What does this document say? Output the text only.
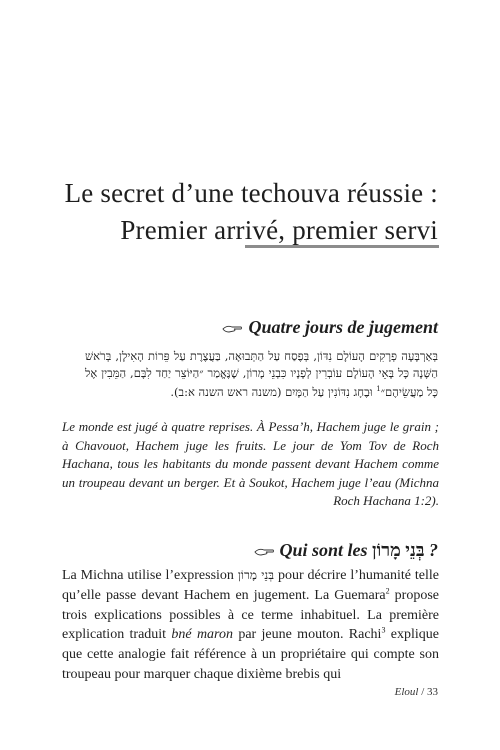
Le secret d’une techouva réussie :
Premier arrivé, premier servi
Quatre jours de jugement
בְּאַרְבָּעָה פְרָקִים הָעוֹלָם נִדּוֹן, בְּפֶסַח עַל הַתְּבוּאָה, בַּעֲצֶרֶת עַל פֵּרוֹת הָאִילָן, בְּרֹאשׁ הַשָּׁנָה כָּל בָּאֵי הָעוֹלָם עוֹבְרִין לְפָנָיו כִּבְנֵי מָרוֹן, שֶׁנֶּאֱמַר ״הַיּוֹצֵר יַחַד לִבָּם, הַמֵּבִין אֶל כָּל מַעֲשֵׂיהֶם״$^1$ וּבֶחָג נִדּוֹנִין עַל הַמָּיִם (משנה ראש השנה א:ב).
Le monde est jugé à quatre reprises. À Pessa’h, Hachem juge le grain ; à Chavouot, Hachem juge les fruits. Le jour de Yom Tov de Roch Hachana, tous les habitants du monde passent devant Hachem comme un troupeau devant un berger. Et à Soukot, Hachem juge l’eau (Michna Roch Hachana 1:2).
Qui sont les בְּנֵי מָרוֹן ?
La Michna utilise l’expression בְּנֵי מָרוֹן pour décrire l’humanité telle qu’elle passe devant Hachem en jugement. La Guemara$^2$ propose trois explications possibles à ce terme inhabituel. La première explication traduit bné maron par jeune mouton. Rachi$^3$ explique que cette analogie fait référence à un propriétaire qui compte son troupeau pour marquer chaque dixième brebis qui
Eloul / 33
